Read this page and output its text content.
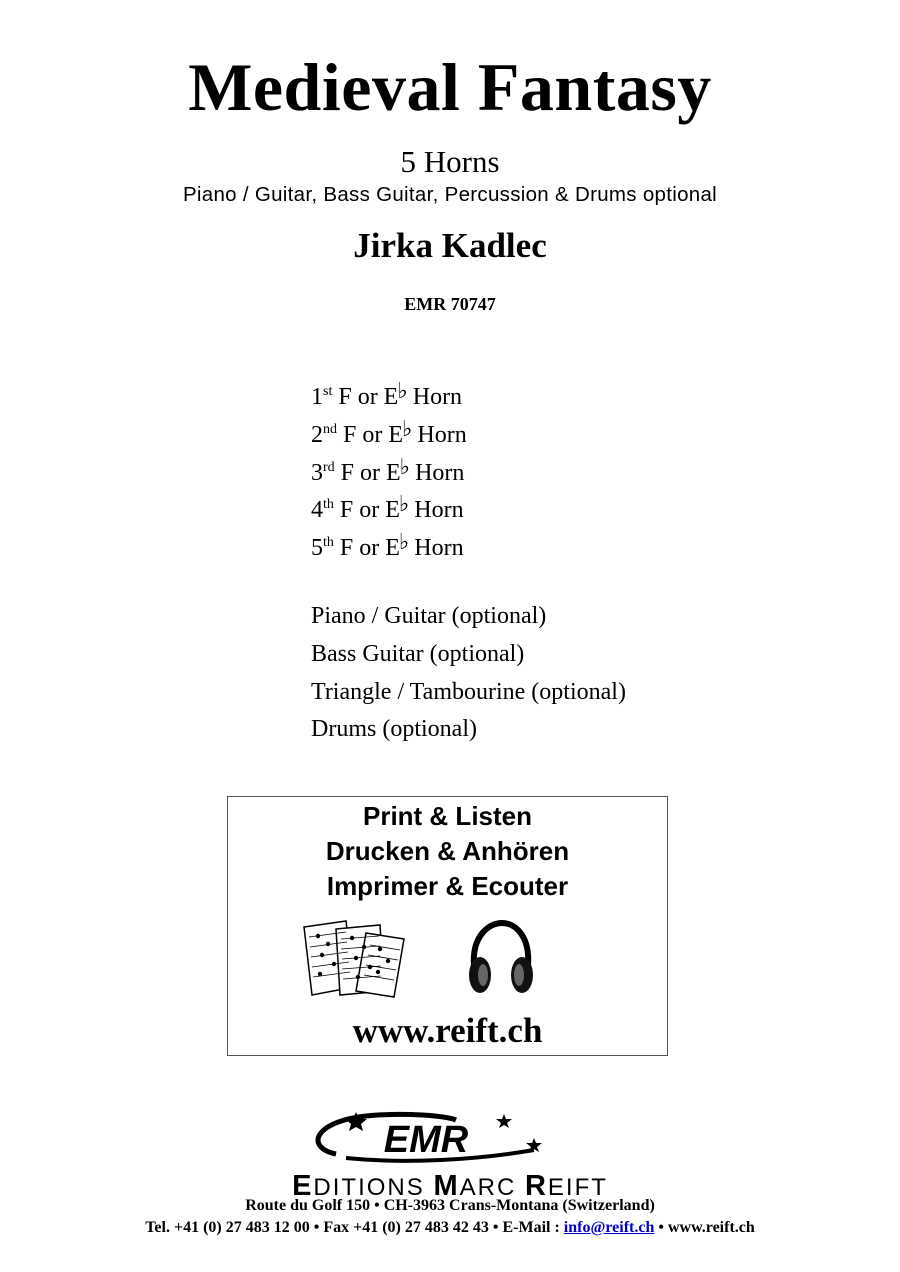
Medieval Fantasy
5 Horns
Piano / Guitar, Bass Guitar, Percussion & Drums optional
Jirka Kadlec
EMR 70747
1st F or E♭ Horn
2nd F or E♭ Horn
3rd F or E♭ Horn
4th F or E♭ Horn
5th F or E♭ Horn
Piano / Guitar (optional)
Bass Guitar (optional)
Triangle / Tambourine (optional)
Drums (optional)
Print & Listen
Drucken & Anhören
Imprimer & Ecouter
www.reift.ch
EMR
EDITIONS MARC REIFT
Route du Golf 150 • CH-3963 Crans-Montana (Switzerland)
Tel. +41 (0) 27 483 12 00 • Fax +41 (0) 27 483 42 43 • E-Mail : info@reift.ch • www.reift.ch
